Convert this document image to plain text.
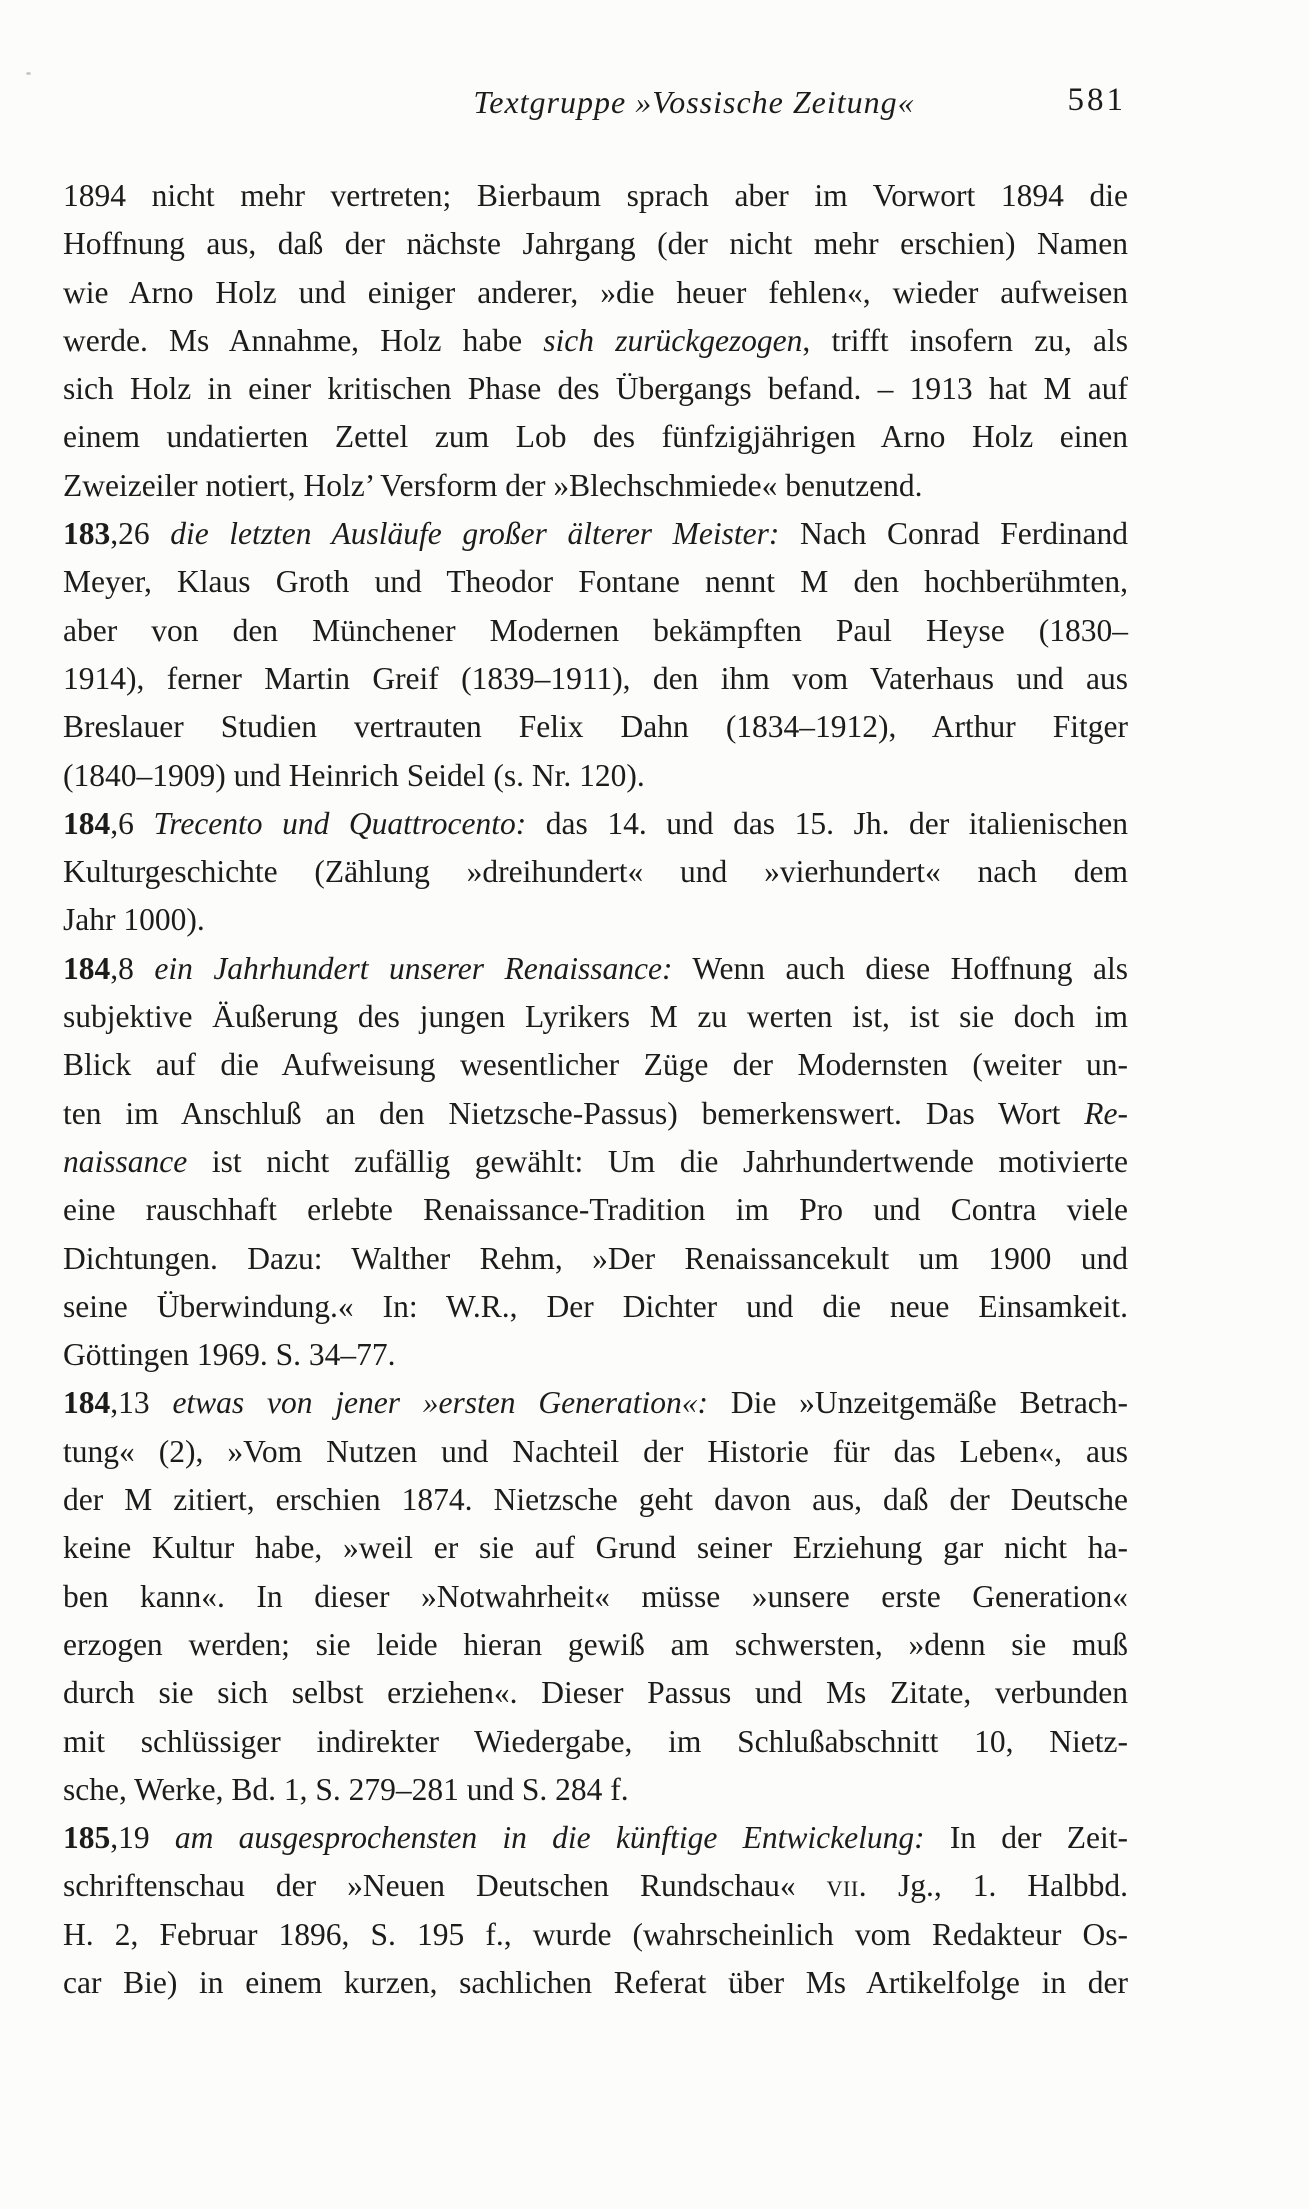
Textgruppe »Vossische Zeitung«	581
1894 nicht mehr vertreten; Bierbaum sprach aber im Vorwort 1894 die
Hoffnung aus, daß der nächste Jahrgang (der nicht mehr erschien) Namen
wie Arno Holz und einiger anderer, »die heuer fehlen«, wieder aufweisen
werde. Ms Annahme, Holz habe sich zurückgezogen, trifft insofern zu, als
sich Holz in einer kritischen Phase des Übergangs befand. – 1913 hat M auf
einem undatierten Zettel zum Lob des fünfzigjährigen Arno Holz einen
Zweizeiler notiert, Holz’ Versform der »Blechschmiede« benutzend.
183,26 die letzten Ausläufe großer älterer Meister: Nach Conrad Ferdinand
Meyer, Klaus Groth und Theodor Fontane nennt M den hochberühmten,
aber von den Münchener Modernen bekämpften Paul Heyse (1830–
1914), ferner Martin Greif (1839–1911), den ihm vom Vaterhaus und aus
Breslauer Studien vertrauten Felix Dahn (1834–1912), Arthur Fitger
(1840–1909) und Heinrich Seidel (s. Nr. 120).
184,6 Trecento und Quattrocento: das 14. und das 15. Jh. der italienischen
Kulturgeschichte (Zählung »dreihundert« und »vierhundert« nach dem
Jahr 1000).
184,8 ein Jahrhundert unserer Renaissance: Wenn auch diese Hoffnung als
subjektive Äußerung des jungen Lyrikers M zu werten ist, ist sie doch im
Blick auf die Aufweisung wesentlicher Züge der Modernsten (weiter un-
ten im Anschluß an den Nietzsche-Passus) bemerkenswert. Das Wort Re-
naissance ist nicht zufällig gewählt: Um die Jahrhundertwende motivierte
eine rauschhaft erlebte Renaissance-Tradition im Pro und Contra viele
Dichtungen. Dazu: Walther Rehm, »Der Renaissancekult um 1900 und
seine Überwindung.« In: W.R., Der Dichter und die neue Einsamkeit.
Göttingen 1969. S. 34–77.
184,13 etwas von jener »ersten Generation«: Die »Unzeitgemäße Betrach-
tung« (2), »Vom Nutzen und Nachteil der Historie für das Leben«, aus
der M zitiert, erschien 1874. Nietzsche geht davon aus, daß der Deutsche
keine Kultur habe, »weil er sie auf Grund seiner Erziehung gar nicht ha-
ben kann«. In dieser »Notwahrheit« müsse »unsere erste Generation«
erzogen werden; sie leide hieran gewiß am schwersten, »denn sie muß
durch sie sich selbst erziehen«. Dieser Passus und Ms Zitate, verbunden
mit schlüssiger indirekter Wiedergabe, im Schlußabschnitt 10, Nietz-
sche, Werke, Bd. 1, S. 279–281 und S. 284 f.
185,19 am ausgesprochensten in die künftige Entwickelung: In der Zeit-
schriftenschau der »Neuen Deutschen Rundschau« vii. Jg., 1. Halbbd.
H. 2, Februar 1896, S. 195 f., wurde (wahrscheinlich vom Redakteur Os-
car Bie) in einem kurzen, sachlichen Referat über Ms Artikelfolge in der
